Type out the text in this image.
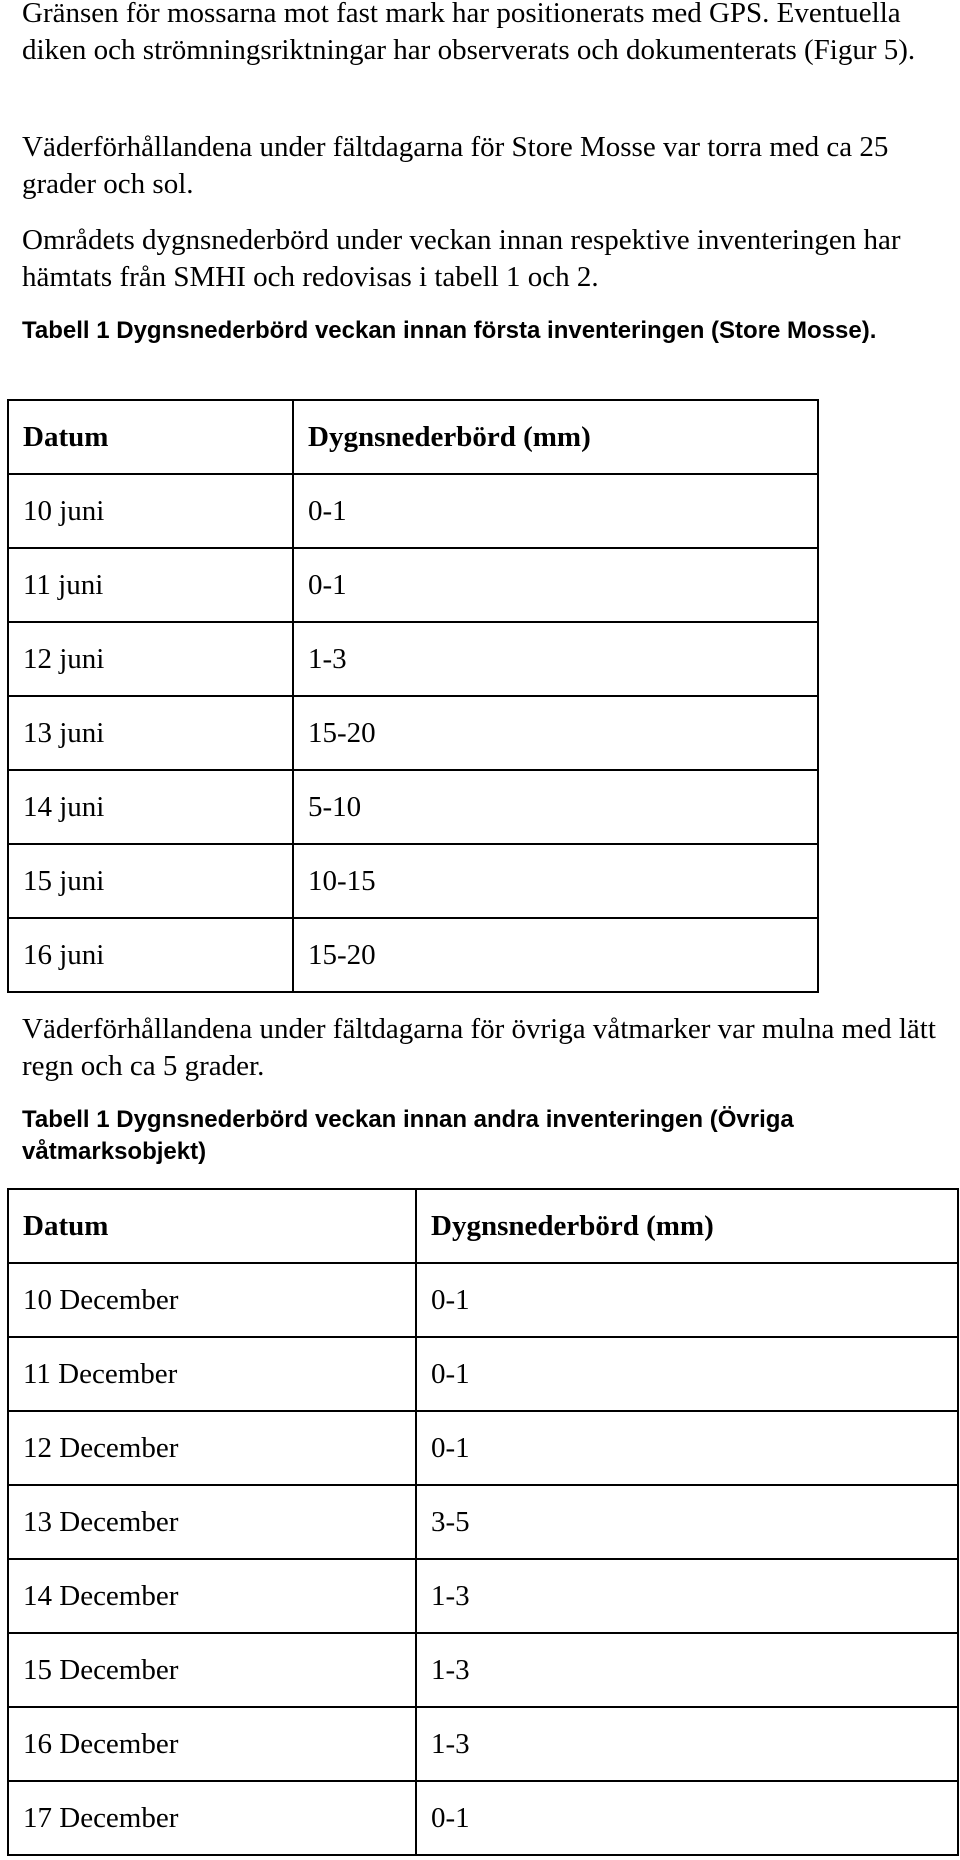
Gränsen för mossarna mot fast mark har positionerats med GPS. Eventuella diken och strömningsriktningar har observerats och dokumenterats (Figur 5).

Väderförhållandena under fältdagarna för Store Mosse var torra med ca 25 grader och sol.

Områdets dygnsnederbörd under veckan innan respektive inventeringen har hämtats från SMHI och redovisas i tabell 1 och 2.

Tabell 1 Dygnsnederbörd veckan innan första inventeringen (Store Mosse).

Datum	Dygnsnederbörd (mm)
10 juni	0-1
11 juni	0-1
12 juni	1-3
13 juni	15-20
14 juni	5-10
15 juni	10-15
16 juni	15-20

Väderförhållandena under fältdagarna för övriga våtmarker var mulna med lätt regn och ca 5 grader.

Tabell 1 Dygnsnederbörd veckan innan andra inventeringen (Övriga våtmarksobjekt)

Datum	Dygnsnederbörd (mm)
10 December	0-1
11 December	0-1
12 December	0-1
13 December	3-5
14 December	1-3
15 December	1-3
16 December	1-3
17 December	0-1
